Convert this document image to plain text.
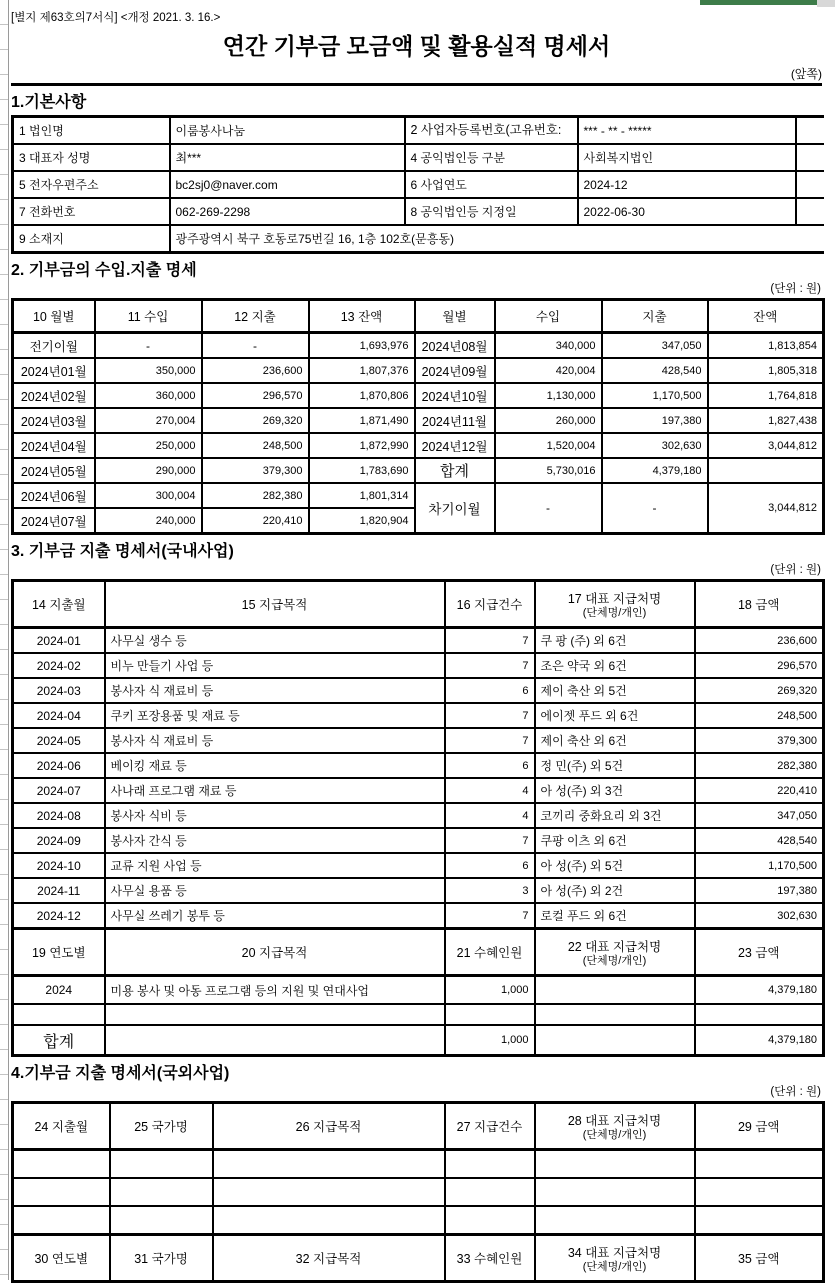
[별지 제63호의7서식] <개정 2021. 3. 16.>
연간 기부금 모금액 및 활용실적 명세서
(앞쪽)
1.기본사항
1 법인명	이룸봉사나눔	2 사업자등록번호(고유번호:	*** - ** - *****	
3 대표자 성명	최***	4 공익법인등 구분	사회복지법인	
5 전자우편주소	bc2sj0@naver.com	6 사업연도	2024-12	
7 전화번호	062-269-2298	8 공익법인등 지정일	2022-06-30	
9 소재지	광주광역시 북구 호동로75번길 16, 1층 102호(문흥동)			
2. 기부금의 수입.지출 명세
(단위 : 원)
10 월별	11 수입	12 지출	13 잔액	월별	수입	지출	잔액
전기이월	-	-	1,693,976	2024년08월	340,000	347,050	1,813,854
2024년01월	350,000	236,600	1,807,376	2024년09월	420,004	428,540	1,805,318
2024년02월	360,000	296,570	1,870,806	2024년10월	1,130,000	1,170,500	1,764,818
2024년03월	270,004	269,320	1,871,490	2024년11월	260,000	197,380	1,827,438
2024년04월	250,000	248,500	1,872,990	2024년12월	1,520,004	302,630	3,044,812
2024년05월	290,000	379,300	1,783,690	합계	5,730,016	4,379,180	
2024년06월	300,004	282,380	1,801,314	차기이월	-	-	3,044,812
2024년07월	240,000	220,410	1,820,904				
3. 기부금 지출 명세서(국내사업)
(단위 : 원)
14 지출월	15 지급목적	16 지급건수	17 대표 지급처명
(단체명/개인)	18 금액
2024-01	사무실 생수 등	7	쿠 팡 (주) 외 6건	236,600
2024-02	비누 만들기 사업 등	7	조은 약국 외 6건	296,570
2024-03	봉사자 식 재료비 등	6	제이 축산 외 5건	269,320
2024-04	쿠키 포장용품 및 재료 등	7	에이젯 푸드 외 6건	248,500
2024-05	봉사자 식 재료비 등	7	제이 축산 외 6건	379,300
2024-06	베이킹 재료 등	6	정 민(주) 외 5건	282,380
2024-07	사나래 프로그램 재료 등	4	아 성(주) 외 3건	220,410
2024-08	봉사자 식비 등	4	코끼리 중화요리 외 3건	347,050
2024-09	봉사자 간식 등	7	쿠팡 이츠 외 6건	428,540
2024-10	교류 지원 사업 등	6	아 성(주) 외 5건	1,170,500
2024-11	사무실 용품 등	3	아 성(주) 외 2건	197,380
2024-12	사무실 쓰레기 봉투 등	7	로컬 푸드 외 6건	302,630
19 연도별	20 지급목적	21 수혜인원	22 대표 지급처명
(단체명/개인)	23 금액
2024	미용 봉사 및 아동 프로그램 등의 지원 및 연대사업	1,000		4,379,180

합계		1,000		4,379,180
4.기부금 지출 명세서(국외사업)
(단위 : 원)
24 지출월	25 국가명	26 지급목적	27 지급건수	28 대표 지급처명
(단체명/개인)	29 금액

30 연도별	31 국가명	32 지급목적	33 수혜인원	34 대표 지급처명
(단체명/개인)	35 금액
